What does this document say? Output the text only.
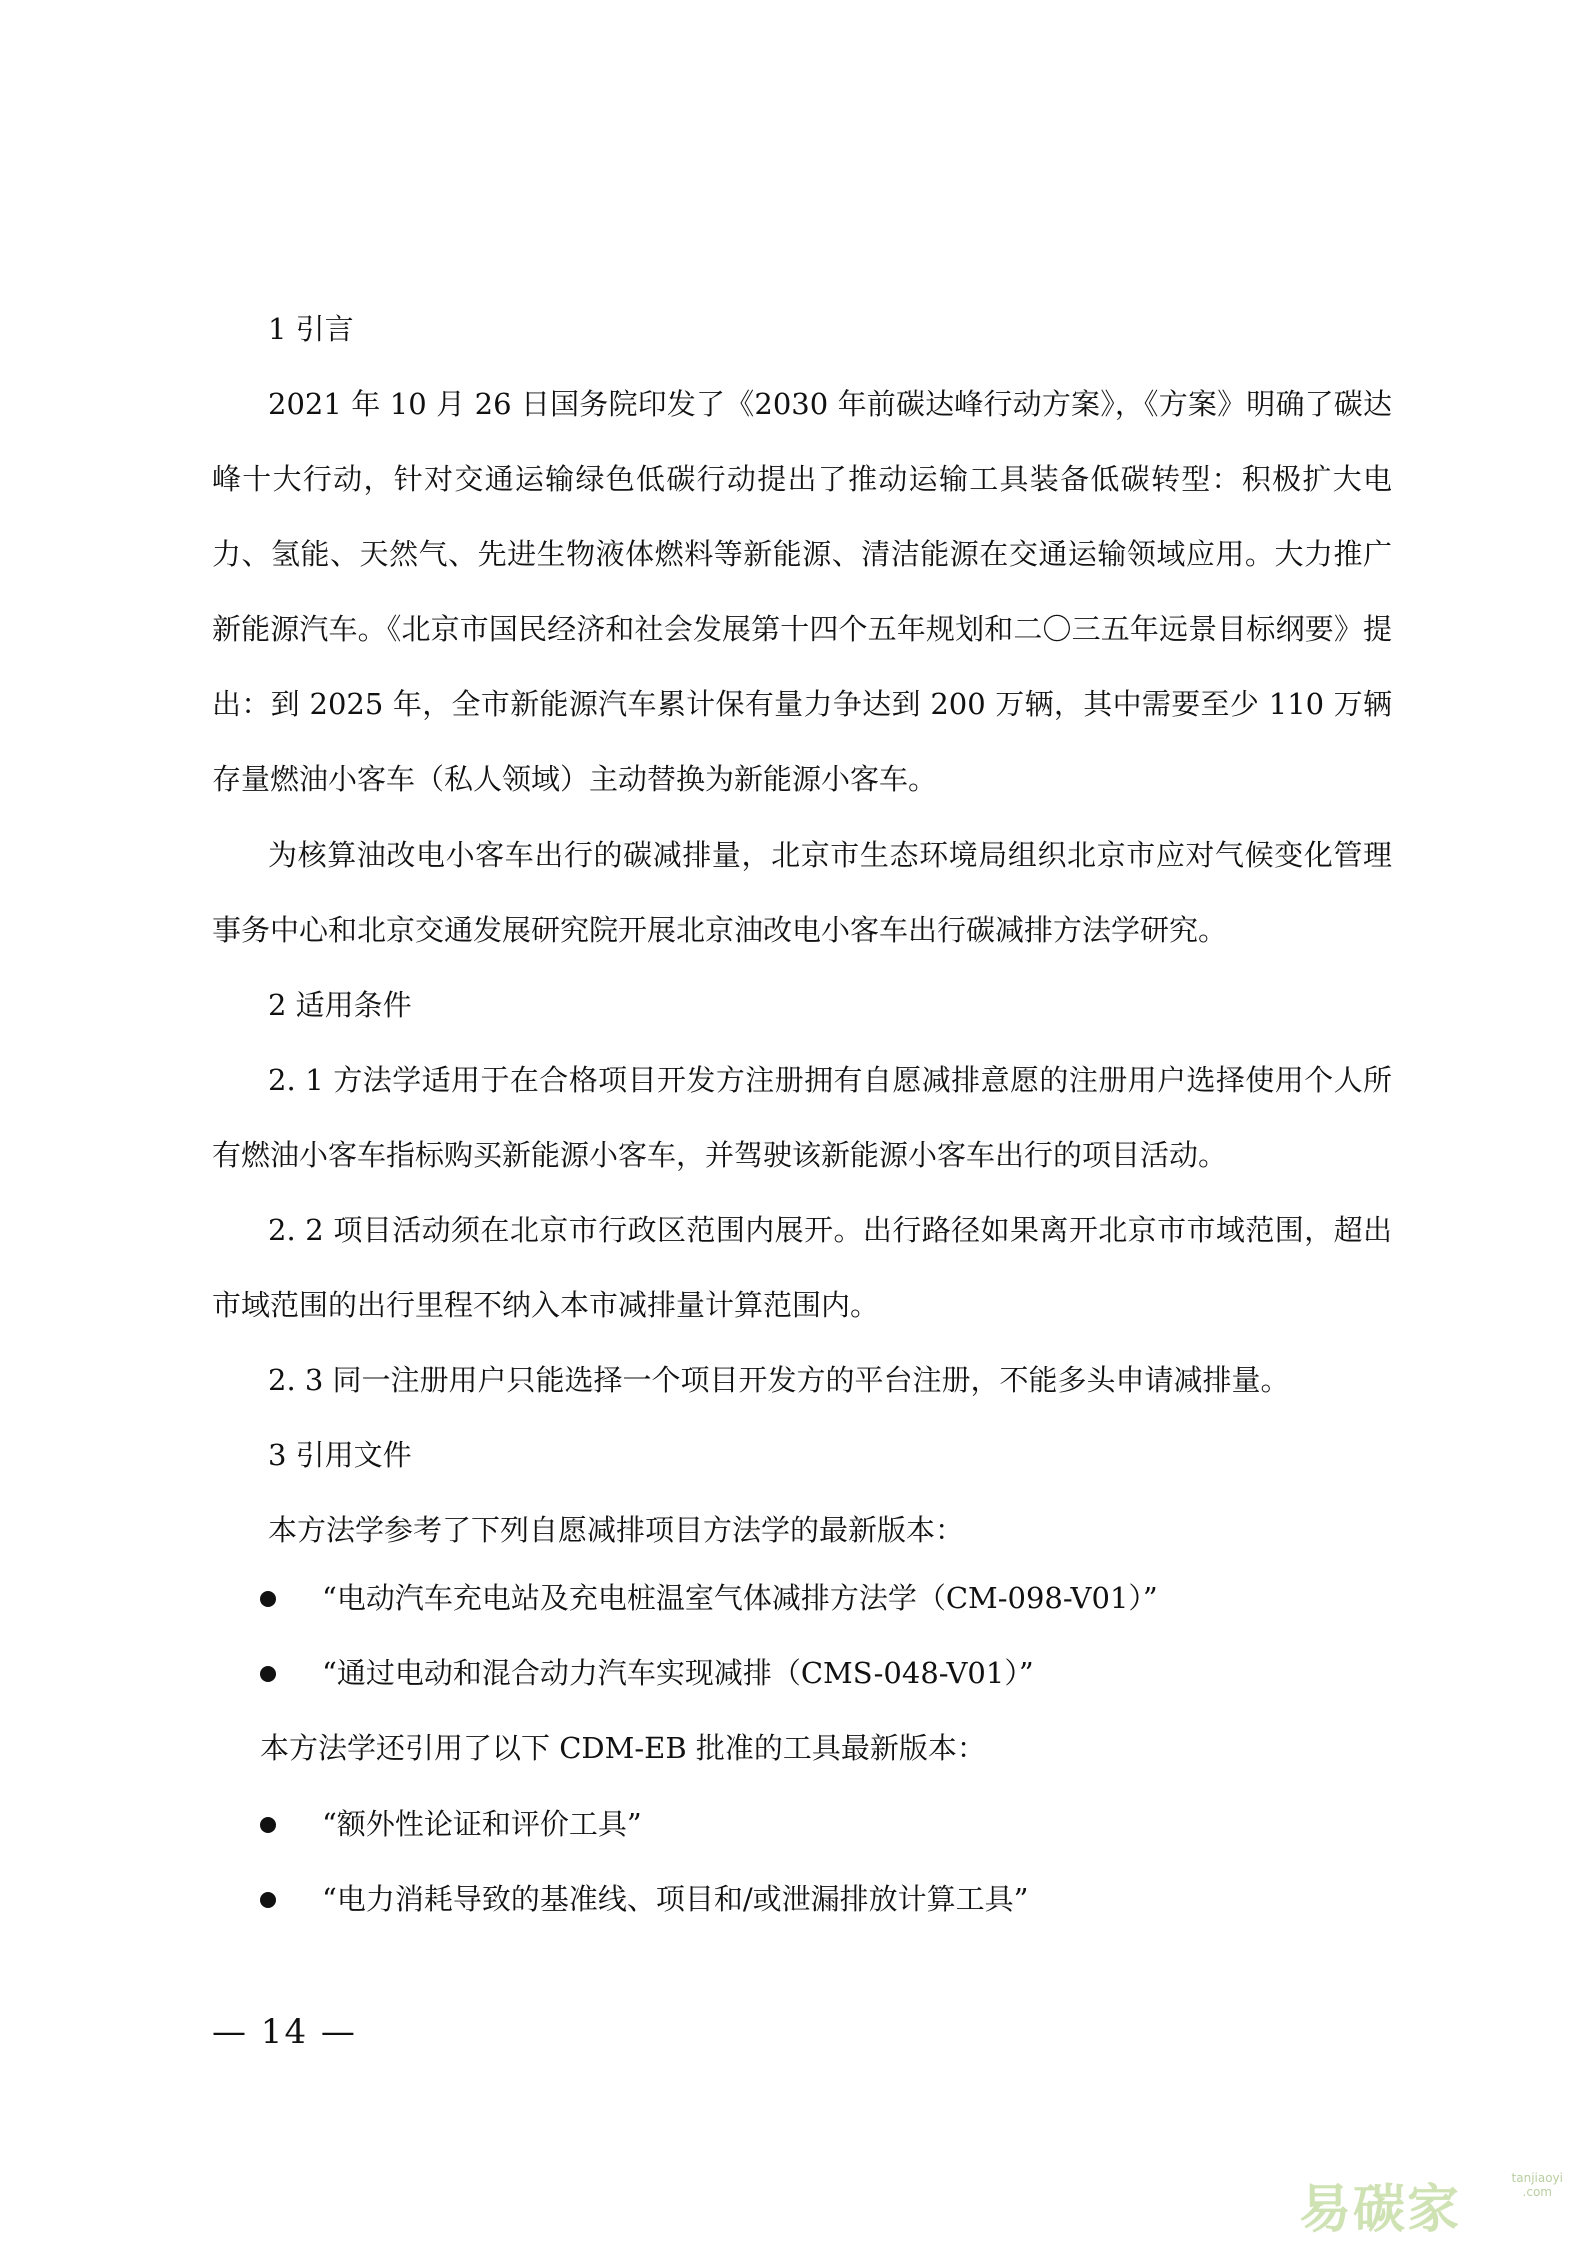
1 引言

2021 年 10 月 26 日国务院印发了《2030 年前碳达峰行动方案》，《方案》明确了碳达峰十大行动，针对交通运输绿色低碳行动提出了推动运输工具装备低碳转型：积极扩大电力、氢能、天然气、先进生物液体燃料等新能源、清洁能源在交通运输领域应用。大力推广新能源汽车。《北京市国民经济和社会发展第十四个五年规划和二〇三五年远景目标纲要》提出：到 2025 年，全市新能源汽车累计保有量力争达到 200 万辆，其中需要至少 110 万辆存量燃油小客车（私人领域）主动替换为新能源小客车。

为核算油改电小客车出行的碳减排量，北京市生态环境局组织北京市应对气候变化管理事务中心和北京交通发展研究院开展北京油改电小客车出行碳减排方法学研究。

2 适用条件

2. 1 方法学适用于在合格项目开发方注册拥有自愿减排意愿的注册用户选择使用个人所有燃油小客车指标购买新能源小客车，并驾驶该新能源小客车出行的项目活动。

2. 2 项目活动须在北京市行政区范围内展开。出行路径如果离开北京市市域范围，超出市域范围的出行里程不纳入本市减排量计算范围内。

2. 3 同一注册用户只能选择一个项目开发方的平台注册，不能多头申请减排量。

3 引用文件
本方法学参考了下列自愿减排项目方法学的最新版本：
“电动汽车充电站及充电桩温室气体减排方法学（CM-098-V01）”
“通过电动和混合动力汽车实现减排（CMS-048-V01）”
本方法学还引用了以下 CDM-EB 批准的工具最新版本：
“额外性论证和评价工具”
“电力消耗导致的基准线、项目和/或泄漏排放计算工具”
— 14 —
易碳家
tanjiaoyi
.com
